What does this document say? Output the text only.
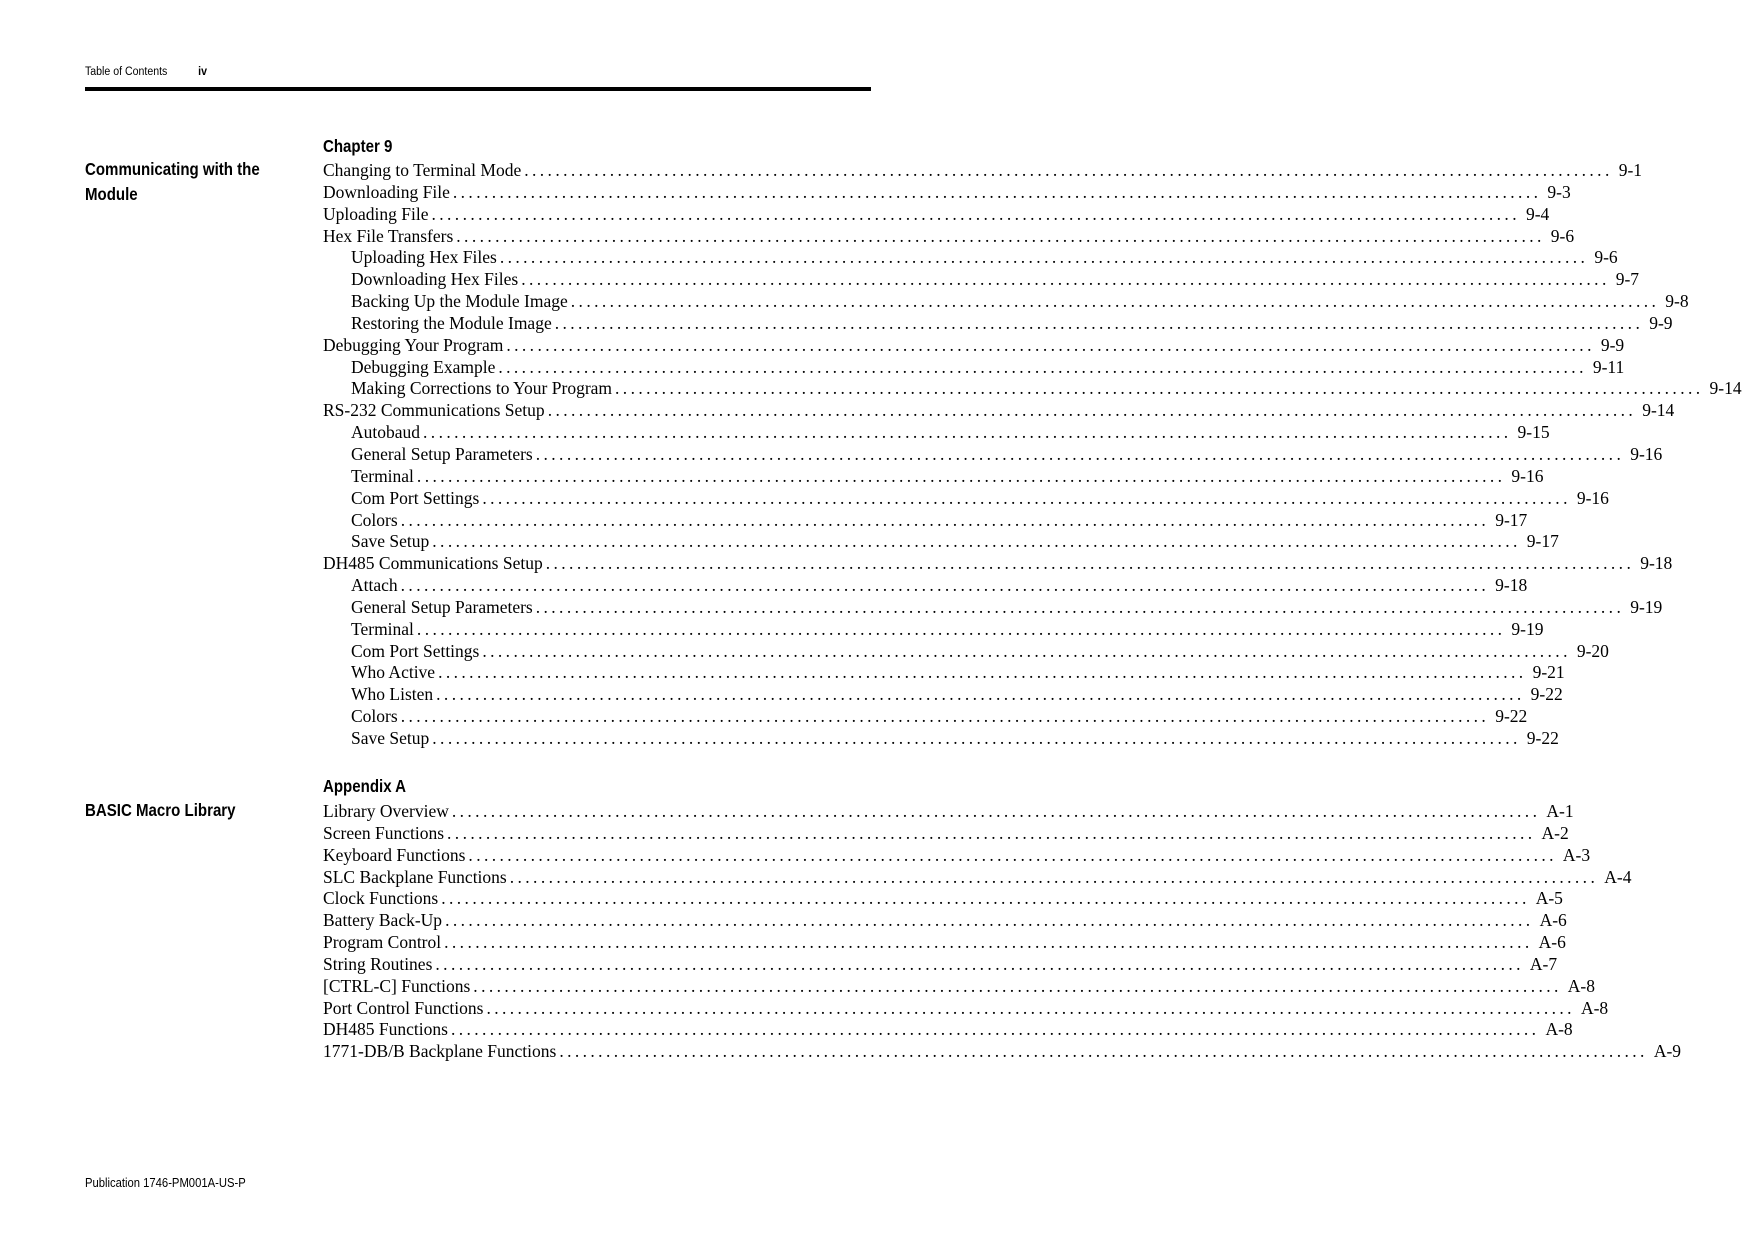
Table of Contents	iv
Chapter 9
Communicating with the
Module
Changing to Terminal Mode ............................................................................................................................................ 9-1
Downloading File ............................................................................................................................................ 9-3
Uploading File ............................................................................................................................................ 9-4
Hex File Transfers ............................................................................................................................................ 9-6
Uploading Hex Files ............................................................................................................................................ 9-6
Downloading Hex Files ............................................................................................................................................ 9-7
Backing Up the Module Image ............................................................................................................................................ 9-8
Restoring the Module Image ............................................................................................................................................ 9-9
Debugging Your Program ............................................................................................................................................ 9-9
Debugging Example ............................................................................................................................................ 9-11
Making Corrections to Your Program ............................................................................................................................................ 9-14
RS-232 Communications Setup ............................................................................................................................................ 9-14
Autobaud ............................................................................................................................................ 9-15
General Setup Parameters ............................................................................................................................................ 9-16
Terminal ............................................................................................................................................ 9-16
Com Port Settings ............................................................................................................................................ 9-16
Colors ............................................................................................................................................ 9-17
Save Setup ............................................................................................................................................ 9-17
DH485 Communications Setup ............................................................................................................................................ 9-18
Attach ............................................................................................................................................ 9-18
General Setup Parameters ............................................................................................................................................ 9-19
Terminal ............................................................................................................................................ 9-19
Com Port Settings ............................................................................................................................................ 9-20
Who Active ............................................................................................................................................ 9-21
Who Listen ............................................................................................................................................ 9-22
Colors ............................................................................................................................................ 9-22
Save Setup ............................................................................................................................................ 9-22
Appendix A
BASIC Macro Library	Library Overview ............................................................................................................................................ A-1
Screen Functions ............................................................................................................................................ A-2
Keyboard Functions ............................................................................................................................................ A-3
SLC Backplane Functions ............................................................................................................................................ A-4
Clock Functions ............................................................................................................................................ A-5
Battery Back-Up ............................................................................................................................................ A-6
Program Control ............................................................................................................................................ A-6
String Routines ............................................................................................................................................ A-7
[CTRL-C] Functions ............................................................................................................................................ A-8
Port Control Functions ............................................................................................................................................ A-8
DH485 Functions ............................................................................................................................................ A-8
1771-DB/B Backplane Functions ............................................................................................................................................ A-9
Publication 1746-PM001A-US-P
